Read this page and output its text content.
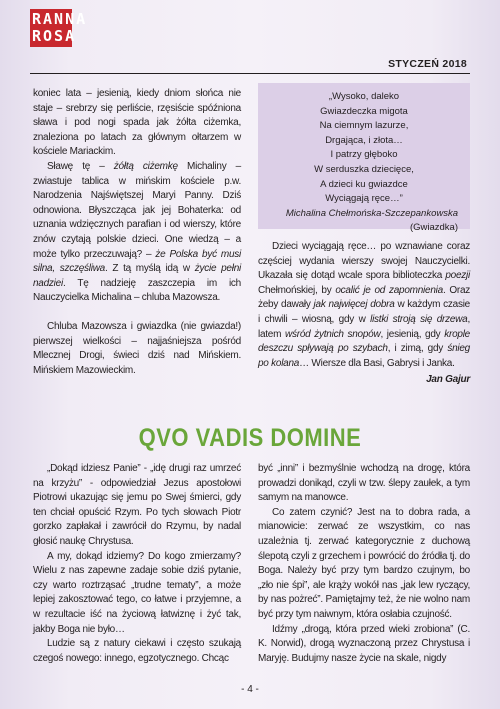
RANNA
ROSA
STYCZEŃ 2018

koniec lata – jesienią, kiedy dniom słońca nie staje – srebrzy się perliście, rzęsiście spóźniona sława i pod nogi spada jak żółta ciżemka, znaleziona po latach za głównym ołtarzem w kościele Mariackim.

Sławę tę – żółtą ciżemkę Michaliny – zwiastuje tablica w mińskim kościele p.w. Narodzenia Najświętszej Maryi Panny. Dziś odnowiona. Błyszcząca jak jej Bohaterka: od uznania wdzięcznych parafian i od wierszy, które znów czytają polskie dzieci. One wiedzą – a może tylko przeczuwają? – że Polska być musi silna, szczęśliwa. Z tą myślą idą w życie pełni nadziei. Tę nadzieję zaszczepia im ich Nauczycielka Michalina – chluba Mazowsza.

Chluba Mazowsza i gwiazdka (nie gwiazda!) pierwszej wielkości – najjaśniejsza pośród Mlecznej Drogi, świeci dziś nad Mińskiem. Mińskiem Mazowieckim.

„Wysoko, daleko
Gwiazdeczka migota
Na ciemnym lazurze,
Drgająca, i złota…
I patrzy głęboko
W serduszka dziecięce,
A dzieci ku gwiazdce
Wyciągają ręce…”
Michalina Chełmońska-Szczepankowska
(Gwiazdka)

Dzieci wyciągają ręce… po wznawiane coraz częściej wydania wierszy swojej Nauczycielki. Ukazała się dotąd wcale spora biblioteczka poezji Chełmońskiej, by ocalić je od zapomnienia. Oraz żeby dawały jak najwięcej dobra w każdym czasie i chwili – wiosną, gdy w listki stroją się drzewa, latem wśród żytnich snopów, jesienią, gdy krople deszczu spływają po szybach, i zimą, gdy śnieg po kolana… Wiersze dla Basi, Gabrysi i Janka.

Jan Gajur
QVO VADIS DOMINE

„Dokąd idziesz Panie” - „idę drugi raz umrzeć na krzyżu” - odpowiedział Jezus apostołowi Piotrowi ukazując się jemu po Swej śmierci, gdy ten chciał opuścić Rzym. Po tych słowach Piotr gorzko zapłakał i zawrócił do Rzymu, by nadal głosić naukę Chrystusa.

A my, dokąd idziemy? Do kogo zmierzamy? Wielu z nas zapewne zadaje sobie dziś pytanie, czy warto roztrząsać „trudne tematy”, a może lepiej zakosztować tego, co łatwe i przyjemne, a w rezultacie iść na życiową łatwiznę i żyć tak, jakby Boga nie było…

Ludzie są z natury ciekawi i często szukają czegoś nowego: innego, egzotycznego. Chcąc

być „inni” i bezmyślnie wchodzą na drogę, która prowadzi donikąd, czyli w tzw. ślepy zaułek, a tym samym na manowce.

Co zatem czynić? Jest na to dobra rada, a mianowicie: zerwać ze wszystkim, co nas uzależnia tj. zerwać kategorycznie z duchową ślepotą czyli z grzechem i powrócić do źródła tj. do Boga. Należy być przy tym bardzo czujnym, bo „zło nie śpi”, ale krąży wokół nas „jak lew ryczący, by nas pożreć”. Pamiętajmy też, że nie wolno nam być przy tym naiwnym, która osłabia czujność.

Idźmy „drogą, która przed wieki zrobiona” (C. K. Norwid), drogą wyznaczoną przez Chrystusa i Maryję. Budujmy nasze życie na skale, nigdy

- 4 -
